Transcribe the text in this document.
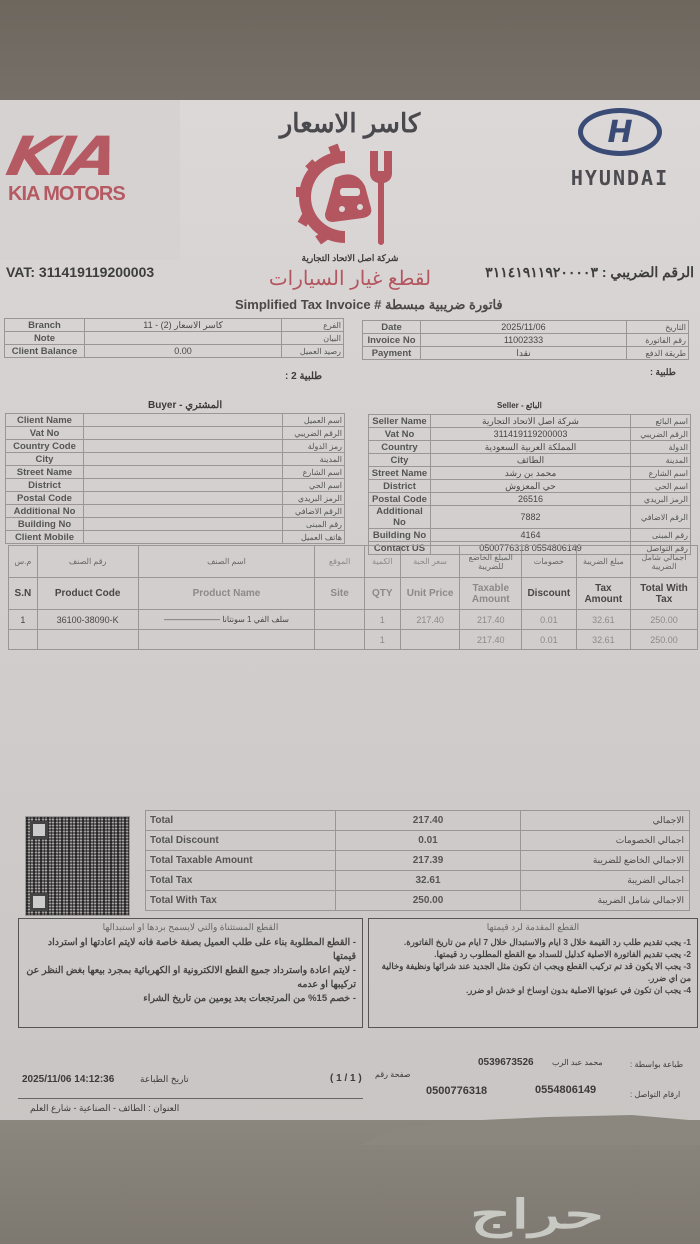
KIA
KIA MOTORS
كاسر الاسعار
شركة اصل الاتحاد التجارية
لقطع غيار السيارات
H
HYUNDAI
VAT: 311419119200003	الرقم الضريبي : ٣١١٤١٩١١٩٢٠٠٠٠٣
Simplified Tax Invoice # فاتورة ضريبية مبسطة
Branch	11 - كاسر الاسعار (2)	الفرع
Note		البيان
Client Balance	0.00	رصيد العميل
Date	2025/11/06	التاريخ
Invoice No	11002333	رقم الفاتورة
Payment	نقدا	طريقة الدفع
طلبية 2 :	طلبية :
Buyer - المشتري
Client Name		اسم العميل
Vat No		الرقم الضريبي
Country Code		رمز الدولة
City		المدينة
Street Name		اسم الشارع
District		اسم الحي
Postal Code		الرمز البريدي
Additional No		الرقم الاضافي
Building No		رقم المبنى
Client Mobile		هاتف العميل
Seller - البائع
Seller Name	شركة اصل الاتحاد التجارية	اسم البائع
Vat No	311419119200003	الرقم الضريبي
Country	المملكة العربية السعودية	الدولة
City	الطائف	المدينة
Street Name	محمد بن رشد	اسم الشارع
District	حي المعزوش	اسم الحي
Postal Code	26516	الرمز البريدي
Additional No	7882	الرقم الاضافي
Building No	4164	رقم المبنى
Contact US	0500776318 0554806149	رقم التواصل
م.س	رقم الصنف	اسم الصنف	الموقع	الكمية	سعر الحبة	المبلغ الخاضع للضريبة	خصومات	مبلغ الضريبة	اجمالي شامل الضريبة
S.N	Product Code	Product Name	Site	QTY	Unit Price	Taxable Amount	Discount	Tax Amount	Total With Tax
1	36100-38090-K	سلف الفي 1 سونتانا ———————		1	217.40	217.40	0.01	32.61	250.00
				1		217.40	0.01	32.61	250.00
Total	217.40	الاجمالي
Total Discount	0.01	اجمالي الخصومات
Total Taxable Amount	217.39	الاجمالي الخاضع للضريبة
Total Tax	32.61	اجمالي الضريبة
Total With Tax	250.00	الاجمالي شامل الضريبة
القطع المستثناة والتي لايسمح بردها او استبدالها
- القطع المطلوبة بناء على طلب العميل بصفة خاصة فانه لايتم اعادتها او استرداد قيمتها
- لايتم اعادة واسترداد جميع القطع الالكترونية او الكهربائية بمجرد بيعها بغض النظر عن تركيبها او عدمه
- خصم 15% من المرتجعات بعد يومين من تاريخ الشراء
القطع المقدمة لرد قيمتها
1- يجب تقديم طلب رد القيمة خلال 3 ايام والاستبدال خلال 7 ايام من تاريخ الفاتورة.
2- يجب تقديم الفاتورة الاصلية كدليل للسداد مع القطع المطلوب رد قيمتها.
3- يجب الا يكون قد تم تركيب القطع ويجب ان تكون مثل الجديد عند شرائها ونظيفة وخالية من اي ضرر.
4- يجب ان تكون في عبوتها الاصلية بدون اوساخ او خدش او ضرر.
2025/11/06 14:12:36	تاريخ الطباعة	( 1 / 1 ) صفحة رقم
0539673526 محمد عبد الرب	طباعة بواسطة :
0500776318	0554806149	ارقام التواصل :
العنوان : الطائف - الصناعية - شارع العلم
حراج
